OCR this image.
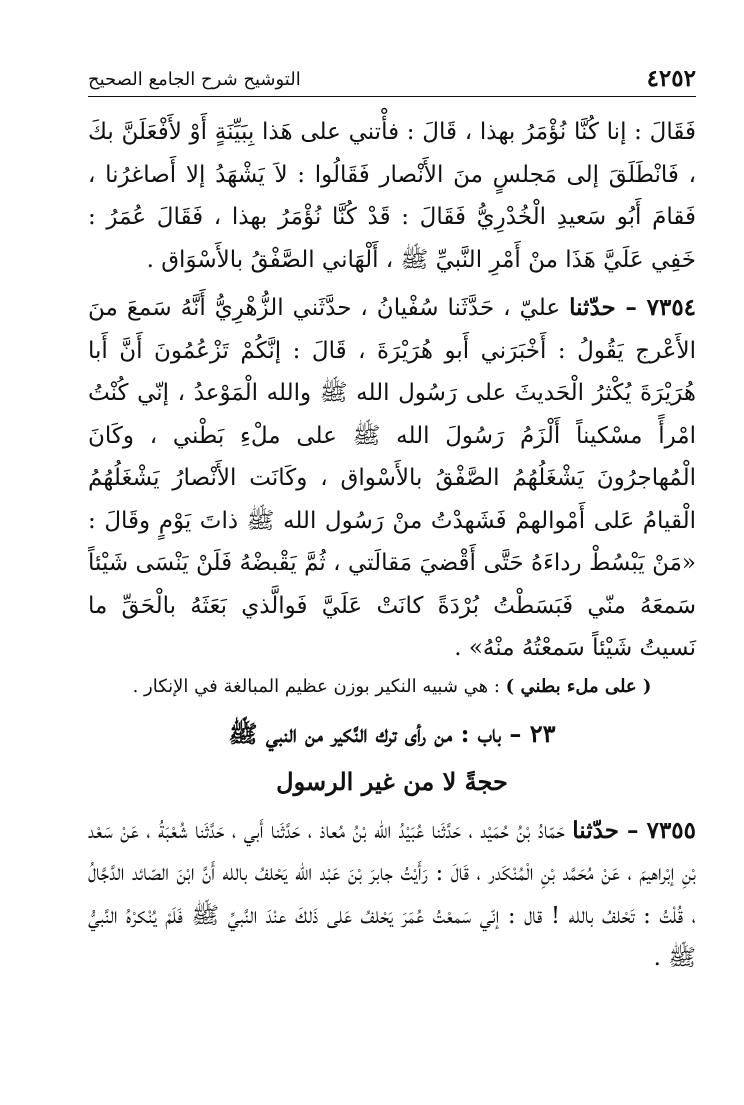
٤٢٥٢
التوشيح شرح الجامع الصحيح

فَقَالَ : إنا كُنَّا نُؤْمَرُ بهذا ، قَالَ : فأْتني على هَذا بِبَيِّنَةٍ أَوْ لأَفْعَلَنَّ بكَ ، فَانْطَلَقَ إلى مَجلسٍ منَ الأَنْصار فَقَالُوا : لاَ يَشْهَدُ إلا أَصاغرُنا ، فَقامَ أَبُو سَعيدِ الْخُدْرِيُّ فَقَالَ : قَدْ كُنَّا نُؤْمَرُ بهذا ، فَقَالَ عُمَرُ : خَفِي عَلَيَّ هَذَا منْ أَمْرِ النَّبيِّ ﷺ ، أَلْهَاني الصَّفْقُ بالأَسْوَاق .

٧٣٥٤ – حدّثنا عليّ ، حَدَّثَنا سُفْيانُ ، حدَّثَني الزُّهْرِيُّ أَنَّهُ سَمعَ منَ الأَعْرج يَقُولُ : أَخْبَرَني أَبو هُرَيْرَةَ ، قَالَ : إنَّكُمْ تَزْعُمُونَ أَنَّ أَبا هُرَيْرَةَ يُكْثرُ الْحَديثَ على رَسُول الله ﷺ والله الْمَوْعدُ ، إنّي كُنْتُ امْرأً مسْكيناً أَلْزَمُ رَسُولَ الله ﷺ على ملْءِ بَطْني ، وكَانَ الْمُهاجرُونَ يَشْغَلُهُمُ الصَّفْقُ بالأَسْواق ، وكَانَت الأَنْصارُ يَشْغَلُهُمُ الْقيامُ عَلى أَمْوالهمْ فَشَهدْتُ منْ رَسُول الله ﷺ ذاتَ يَوْمٍ وقَالَ : «مَنْ يَبْسُطْ رداءَهُ حَتَّى أَقْضيَ مَقالَتي ، ثُمَّ يَقْبضْهُ فَلَنْ يَنْسَى شَيْئاً سَمعَهُ منّي فَبَسَطْتُ بُرْدَةً كانَتْ عَلَيَّ فَوالَّذي بَعَثَهُ بالْحَقِّ ما نَسيتُ شَيْئاً سَمعْتُهُ منْهُ» .

( على ملء بطني ) : هي شبيه النكير بوزن عظيم المبالغة في الإنكار .
٢٣ – باب : من رأى ترك النَّكير من النبي ﷺ
حجةً لا من غير الرسول

٧٣٥٥ – حدّثنا حَمّادُ بْنُ حُمَيْد ، حَدَّثَنا عُبَيْدُ الله بْنُ مُعاذ ، حَدَّثَنا أَبي ، حَدَّثَنا شُعْبَةُ ، عَنْ سَعْد بْنِ إبْراهيمَ ، عَنْ مُحَمَّد بْنِ الْمُنْكَدر ، قَالَ : رَأَيْتُ جابرَ بْنَ عَبْد الله يَحْلفُ بالله أَنَّ ابْنَ الصّائد الدَّجَّالُ ، قُلْتُ : تَحْلفُ بالله ! قال : إنّي سَمعْتُ عُمَرَ يَحْلفُ عَلى ذَلكَ عنْدَ النَّبيِّ ﷺ فَلَمْ يُنْكرْهُ النَّبيُّ ﷺ .
